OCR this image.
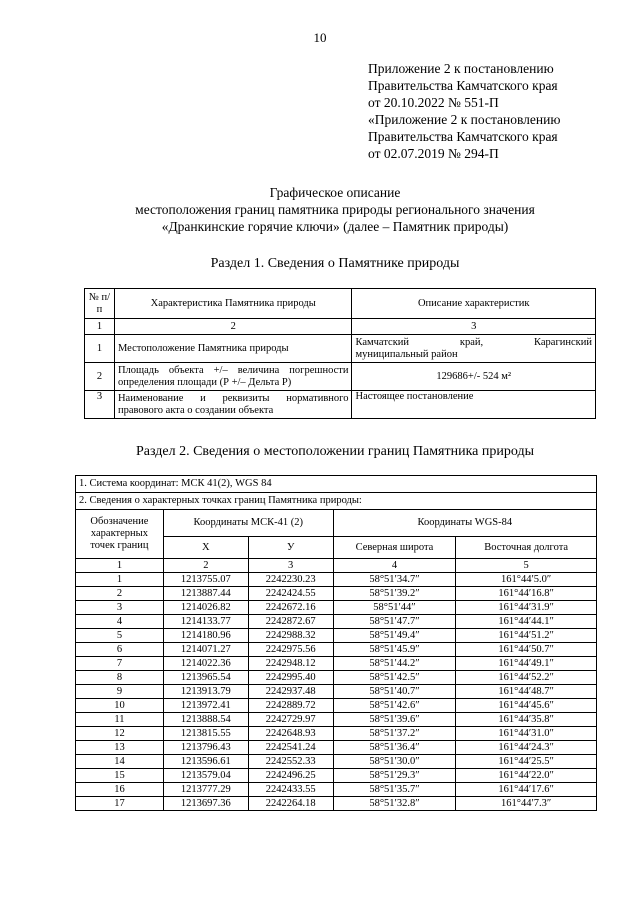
10
Приложение 2 к постановлению
Правительства Камчатского края
от 20.10.2022 № 551-П
«Приложение 2 к постановлению
Правительства Камчатского края
от 02.07.2019 № 294-П
Графическое описание
местоположения границ памятника природы регионального значения
«Дранкинские горячие ключи» (далее – Памятник природы)
Раздел 1. Сведения о Памятнике природы
№ п/п	Характеристика Памятника природы	Описание характеристик
1	2	3
1	Местоположение Памятника природы	Камчатский край, Карагинский
муниципальный район

2	Площадь объекта +/– величина погрешности определения площади (Р +/– Дельта Р)	129686+/- 524 м²
3	Наименование и реквизиты нормативного правового акта о создании объекта	Настоящее постановление
Раздел 2. Сведения о местоположении границ Памятника природы
1. Система координат: МСК 41(2), WGS 84				
2. Сведения о характерных точках границ Памятника природы:				
Обозначение характерных точек границ	Координаты МСК-41 (2)		Координаты WGS-84	
	X	У	Северная широта	Восточная долгота
1	2	3	4	5
1	1213755.07	2242230.23	58°51′34.7″	161°44′5.0″
2	1213887.44	2242424.55	58°51′39.2″	161°44′16.8″
3	1214026.82	2242672.16	58°51′44″	161°44′31.9″
4	1214133.77	2242872.67	58°51′47.7″	161°44′44.1″
5	1214180.96	2242988.32	58°51′49.4″	161°44′51.2″
6	1214071.27	2242975.56	58°51′45.9″	161°44′50.7″
7	1214022.36	2242948.12	58°51′44.2″	161°44′49.1″
8	1213965.54	2242995.40	58°51′42.5″	161°44′52.2″
9	1213913.79	2242937.48	58°51′40.7″	161°44′48.7″
10	1213972.41	2242889.72	58°51′42.6″	161°44′45.6″
11	1213888.54	2242729.97	58°51′39.6″	161°44′35.8″
12	1213815.55	2242648.93	58°51′37.2″	161°44′31.0″
13	1213796.43	2242541.24	58°51′36.4″	161°44′24.3″
14	1213596.61	2242552.33	58°51′30.0″	161°44′25.5″
15	1213579.04	2242496.25	58°51′29.3″	161°44′22.0″
16	1213777.29	2242433.55	58°51′35.7″	161°44′17.6″
17	1213697.36	2242264.18	58°51′32.8″	161°44′7.3″
